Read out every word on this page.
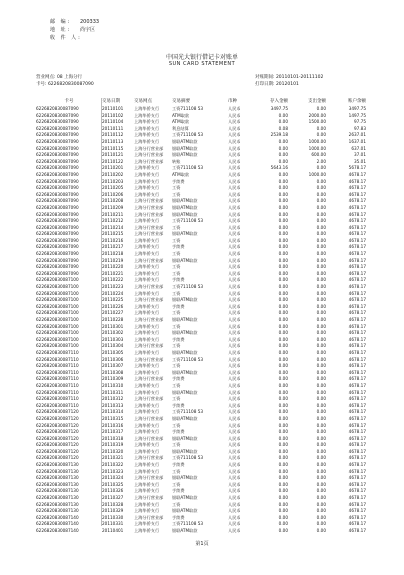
邮 编:	200333
地 址:	尚宇区
收 件 人:
中国光大银行借记卡对账单
SUN CARD STATEMENT
营业网点: 08 上海分行
卡号: 6226820830087090
对账期间: 20110101-20111102
打印日期: 20120101
卡号	交易日期	交易网点	交易摘要	币种	存入金额	支出金额	账户余额
6226820830087090	20110101	上海华侨支行	工资711108 53	人民币	3497.75	0.00	3497.75
6226820830087090	20110102	上海华侨支行	ATM取款	人民币	0.00	2000.00	1497.75
6226820830087090	20110104	上海华侨支行	ATM取款	人民币	0.00	1500.00	97.75
6226820830087090	20110111	上海华侨支行	利息结算	人民币	0.08	0.00	97.83
6226820830087090	20110112	上海华侨支行	工资711108 53	人民币	2539.18	0.00	2637.01
6226820830087090	20110113	上海华侨支行	银联ATM取款	人民币	0.00	1000.00	1637.01
6226820830087090	20110115	上海分行营业部	银联ATM取款	人民币	0.00	1000.00	637.01
6226820830087090	20110121	上海分行营业部	银联ATM取款	人民币	0.00	600.00	37.01
6226820830087090	20110122	上海分行营业部	转账	人民币	0.00	2.00	35.01
6226820830087090	20110201	上海华侨支行	工资711108 53	人民币	5643.16	0.00	5678.17
6226820830087090	20110202	上海华侨支行	ATM取款	人民币	0.00	1000.00	4678.17
6226820830087090	20110203	上海华侨支行	手续费	人民币	0.00	0.00	4678.17
6226820830087090	20110205	上海华侨支行	工资	人民币	0.00	0.00	4678.17
6226820830087090	20110206	上海华侨支行	工资	人民币	0.00	0.00	4678.17
6226820830087090	20110208	上海分行营业部	银联ATM取款	人民币	0.00	0.00	4678.17
6226820830087090	20110209	上海分行营业部	银联ATM取款	人民币	0.00	0.00	4678.17
6226820830087090	20110211	上海分行营业部	银联ATM取款	人民币	0.00	0.00	4678.17
6226820830087090	20110212	上海华侨支行	工资711108 53	人民币	0.00	0.00	4678.17
6226820830087090	20110214	上海分行营业部	工资	人民币	0.00	0.00	4678.17
6226820830087090	20110215	上海分行营业部	银联ATM取款	人民币	0.00	0.00	4678.17
6226820830087090	20110216	上海华侨支行	工资	人民币	0.00	0.00	4678.17
6226820830087090	20110217	上海华侨支行	手续费	人民币	0.00	0.00	4678.17
6226820830087090	20110218	上海华侨支行	工资	人民币	0.00	0.00	4678.17
6226820830087090	20110219	上海分行营业部	银联ATM取款	人民币	0.00	0.00	4678.17
6226820830087090	20110220	上海华侨支行	工资	人民币	0.00	0.00	4678.17
6226820830087090	20110221	上海华侨支行	工资	人民币	0.00	0.00	4678.17
6226820830087100	20110222	上海华侨支行	手续费	人民币	0.00	0.00	4678.17
6226820830087100	20110223	上海分行营业部	工资711108 53	人民币	0.00	0.00	4678.17
6226820830087100	20110224	上海华侨支行	工资	人民币	0.00	0.00	4678.17
6226820830087100	20110225	上海分行营业部	银联ATM取款	人民币	0.00	0.00	4678.17
6226820830087100	20110226	上海华侨支行	手续费	人民币	0.00	0.00	4678.17
6226820830087100	20110227	上海华侨支行	工资	人民币	0.00	0.00	4678.17
6226820830087100	20110228	上海分行营业部	银联ATM取款	人民币	0.00	0.00	4678.17
6226820830087100	20110301	上海华侨支行	工资	人民币	0.00	0.00	4678.17
6226820830087100	20110302	上海华侨支行	银联ATM取款	人民币	0.00	0.00	4678.17
6226820830087100	20110303	上海华侨支行	手续费	人民币	0.00	0.00	4678.17
6226820830087100	20110304	上海分行营业部	工资	人民币	0.00	0.00	4678.17
6226820830087110	20110305	上海华侨支行	银联ATM取款	人民币	0.00	0.00	4678.17
6226820830087110	20110306	上海分行营业部	工资711108 53	人民币	0.00	0.00	4678.17
6226820830087110	20110307	上海华侨支行	工资	人民币	0.00	0.00	4678.17
6226820830087110	20110308	上海华侨支行	银联ATM取款	人民币	0.00	0.00	4678.17
6226820830087110	20110309	上海分行营业部	手续费	人民币	0.00	0.00	4678.17
6226820830087110	20110310	上海华侨支行	工资	人民币	0.00	0.00	4678.17
6226820830087110	20110311	上海华侨支行	银联ATM取款	人民币	0.00	0.00	4678.17
6226820830087110	20110312	上海分行营业部	工资	人民币	0.00	0.00	4678.17
6226820830087110	20110313	上海华侨支行	手续费	人民币	0.00	0.00	4678.17
6226820830087120	20110314	上海华侨支行	工资711108 53	人民币	0.00	0.00	4678.17
6226820830087120	20110315	上海分行营业部	银联ATM取款	人民币	0.00	0.00	4678.17
6226820830087120	20110316	上海华侨支行	工资	人民币	0.00	0.00	4678.17
6226820830087120	20110317	上海华侨支行	手续费	人民币	0.00	0.00	4678.17
6226820830087120	20110318	上海分行营业部	银联ATM取款	人民币	0.00	0.00	4678.17
6226820830087120	20110319	上海华侨支行	工资	人民币	0.00	0.00	4678.17
6226820830087120	20110320	上海华侨支行	银联ATM取款	人民币	0.00	0.00	4678.17
6226820830087120	20110321	上海分行营业部	工资711108 53	人民币	0.00	0.00	4678.17
6226820830087130	20110322	上海华侨支行	手续费	人民币	0.00	0.00	4678.17
6226820830087130	20110323	上海华侨支行	工资	人民币	0.00	0.00	4678.17
6226820830087130	20110324	上海分行营业部	银联ATM取款	人民币	0.00	0.00	4678.17
6226820830087130	20110325	上海华侨支行	工资	人民币	0.00	0.00	4678.17
6226820830087130	20110326	上海华侨支行	手续费	人民币	0.00	0.00	4678.17
6226820830087130	20110327	上海分行营业部	银联ATM取款	人民币	0.00	0.00	4678.17
6226820830087130	20110328	上海华侨支行	工资	人民币	0.00	0.00	4678.17
6226820830087130	20110329	上海华侨支行	银联ATM取款	人民币	0.00	0.00	4678.17
6226820830087140	20110330	上海分行营业部	手续费	人民币	0.00	0.00	4678.17
6226820830087140	20110331	上海华侨支行	工资711108 53	人民币	0.00	0.00	4678.17
6226820830087140	20110401	上海华侨支行	银联ATM取款	人民币	0.00	0.00	4678.17
第1页
